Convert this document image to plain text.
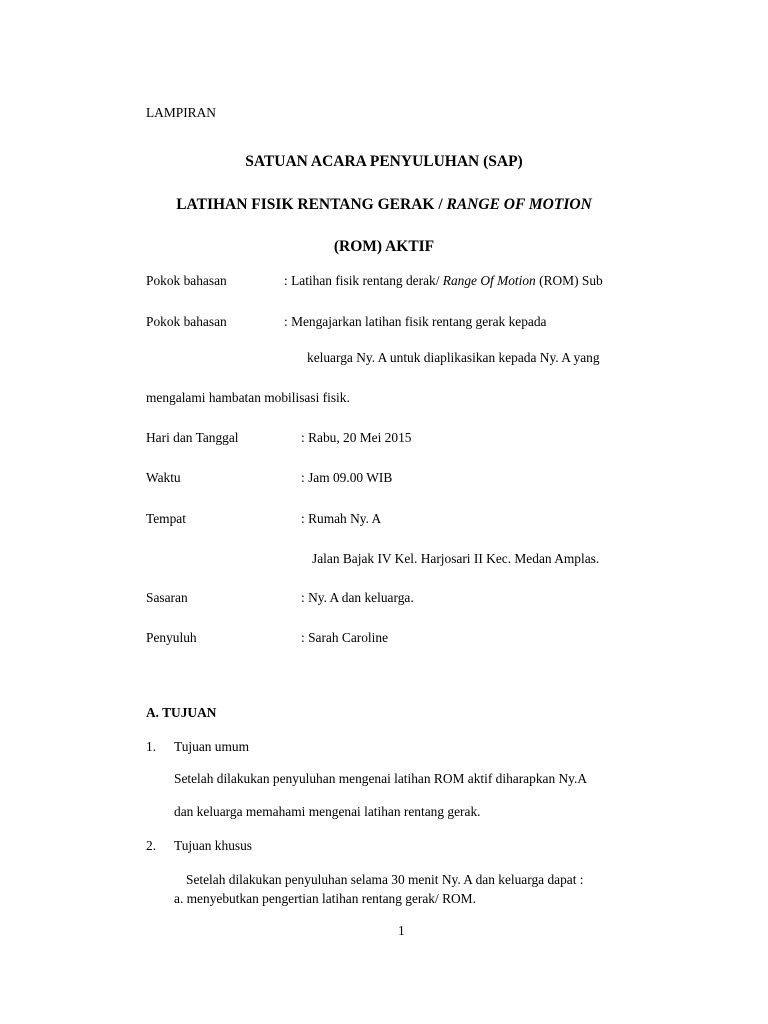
LAMPIRAN
SATUAN ACARA PENYULUHAN (SAP)
LATIHAN FISIK RENTANG GERAK / RANGE OF MOTION
(ROM) AKTIF
Pokok bahasan	: Latihan fisik rentang derak/ Range Of Motion (ROM) Sub
Pokok bahasan	: Mengajarkan latihan fisik rentang gerak kepada
keluarga Ny. A untuk diaplikasikan kepada Ny. A yang
mengalami hambatan mobilisasi fisik.
Hari dan Tanggal	: Rabu, 20 Mei 2015
Waktu	: Jam 09.00 WIB
Tempat	: Rumah Ny. A
Jalan Bajak IV Kel. Harjosari II Kec. Medan Amplas.
Sasaran	: Ny. A dan keluarga.
Penyuluh	: Sarah Caroline
A. TUJUAN
1. Tujuan umum
Setelah dilakukan penyuluhan mengenai latihan ROM aktif diharapkan Ny.A
dan keluarga memahami mengenai latihan rentang gerak.
2. Tujuan khusus
Setelah dilakukan penyuluhan selama 30 menit Ny. A dan keluarga dapat :
a. menyebutkan pengertian latihan rentang gerak/ ROM.
1
